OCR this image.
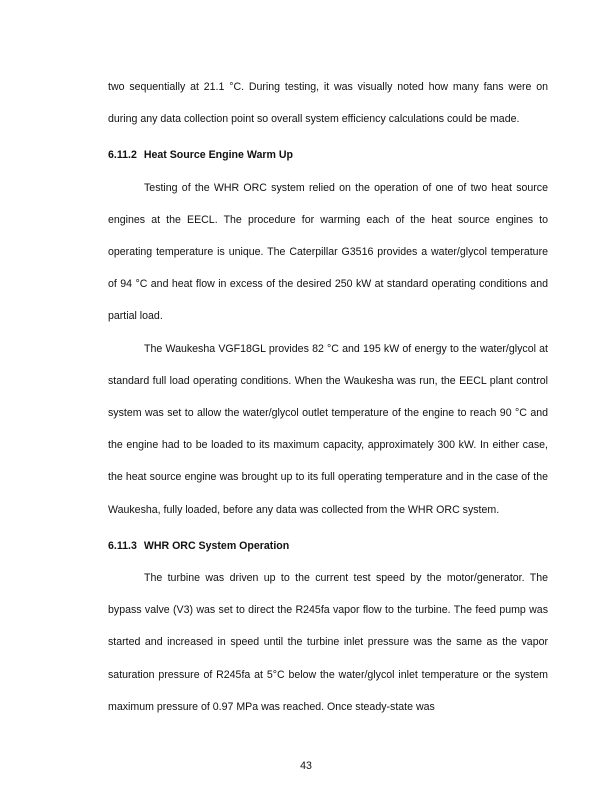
two sequentially at 21.1 °C. During testing, it was visually noted how many fans were on during any data collection point so overall system efficiency calculations could be made.

6.11.2 Heat Source Engine Warm Up

Testing of the WHR ORC system relied on the operation of one of two heat source engines at the EECL. The procedure for warming each of the heat source engines to operating temperature is unique. The Caterpillar G3516 provides a water/glycol temperature of 94 °C and heat flow in excess of the desired 250 kW at standard operating conditions and partial load.

The Waukesha VGF18GL provides 82 °C and 195 kW of energy to the water/glycol at standard full load operating conditions. When the Waukesha was run, the EECL plant control system was set to allow the water/glycol outlet temperature of the engine to reach 90 °C and the engine had to be loaded to its maximum capacity, approximately 300 kW. In either case, the heat source engine was brought up to its full operating temperature and in the case of the Waukesha, fully loaded, before any data was collected from the WHR ORC system.

6.11.3 WHR ORC System Operation

The turbine was driven up to the current test speed by the motor/generator. The bypass valve (V3) was set to direct the R245fa vapor flow to the turbine. The feed pump was started and increased in speed until the turbine inlet pressure was the same as the vapor saturation pressure of R245fa at 5°C below the water/glycol inlet temperature or the system maximum pressure of 0.97 MPa was reached. Once steady-state was

43
